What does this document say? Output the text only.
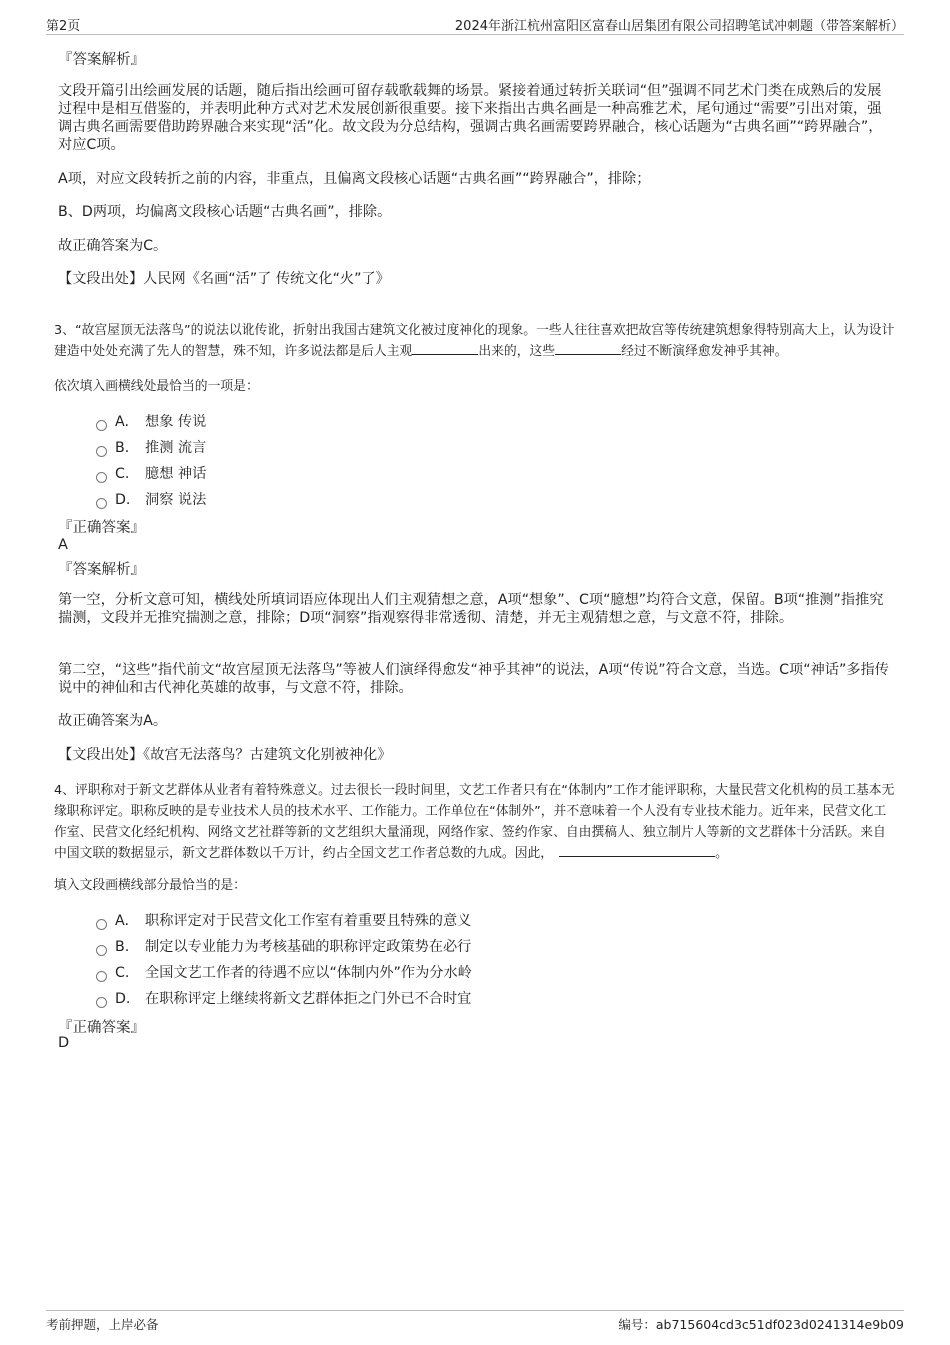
第2页	2024年浙江杭州富阳区富春山居集团有限公司招聘笔试冲刺题（带答案解析）
『答案解析』
文段开篇引出绘画发展的话题，随后指出绘画可留存载歌载舞的场景。紧接着通过转折关联词“但”强调不同艺术门类在成熟后的发展过程中是相互借鉴的，并表明此种方式对艺术发展创新很重要。接下来指出古典名画是一种高雅艺术，尾句通过“需要”引出对策，强调古典名画需要借助跨界融合来实现“活”化。故文段为分总结构，强调古典名画需要跨界融合，核心话题为“古典名画”“跨界融合”，对应C项。
A项，对应文段转折之前的内容，非重点，且偏离文段核心话题“古典名画”“跨界融合”，排除；
B、D两项，均偏离文段核心话题“古典名画”，排除。
故正确答案为C。
【文段出处】人民网《名画“活”了 传统文化“火”了》
3、“故宫屋顶无法落鸟”的说法以讹传讹，折射出我国古建筑文化被过度神化的现象。一些人往往喜欢把故宫等传统建筑想象得特别高大上，认为设计建造中处处充满了先人的智慧，殊不知，许多说法都是后人主观	出来的，这些	经过不断演绎愈发神乎其神。
依次填入画横线处最恰当的一项是：
A. 想象 传说
B. 推测 流言
C. 臆想 神话
D. 洞察 说法
『正确答案』
A
『答案解析』
第一空，分析文意可知，横线处所填词语应体现出人们主观猜想之意，A项“想象”、C项“臆想”均符合文意，保留。B项“推测”指推究揣测，文段并无推究揣测之意，排除；D项“洞察”指观察得非常透彻、清楚，并无主观猜想之意，与文意不符，排除。
第二空，“这些”指代前文“故宫屋顶无法落鸟”等被人们演绎得愈发“神乎其神”的说法，A项“传说”符合文意，当选。C项“神话”多指传说中的神仙和古代神化英雄的故事，与文意不符，排除。
故正确答案为A。
【文段出处】《故宫无法落鸟？古建筑文化别被神化》
4、评职称对于新文艺群体从业者有着特殊意义。过去很长一段时间里，文艺工作者只有在“体制内”工作才能评职称，大量民营文化机构的员工基本无缘职称评定。职称反映的是专业技术人员的技术水平、工作能力。工作单位在“体制外”，并不意味着一个人没有专业技术能力。近年来，民营文化工作室、民营文化经纪机构、网络文艺社群等新的文艺组织大量涌现，网络作家、签约作家、自由撰稿人、独立制片人等新的文艺群体十分活跃。来自中国文联的数据显示，新文艺群体数以千万计，约占全国文艺工作者总数的九成。因此，	。
填入文段画横线部分最恰当的是：
A. 职称评定对于民营文化工作室有着重要且特殊的意义
B. 制定以专业能力为考核基础的职称评定政策势在必行
C. 全国文艺工作者的待遇不应以“体制内外”作为分水岭
D. 在职称评定上继续将新文艺群体拒之门外已不合时宜
『正确答案』
D
考前押题，上岸必备	编号：ab715604cd3c51df023d0241314e9b09
